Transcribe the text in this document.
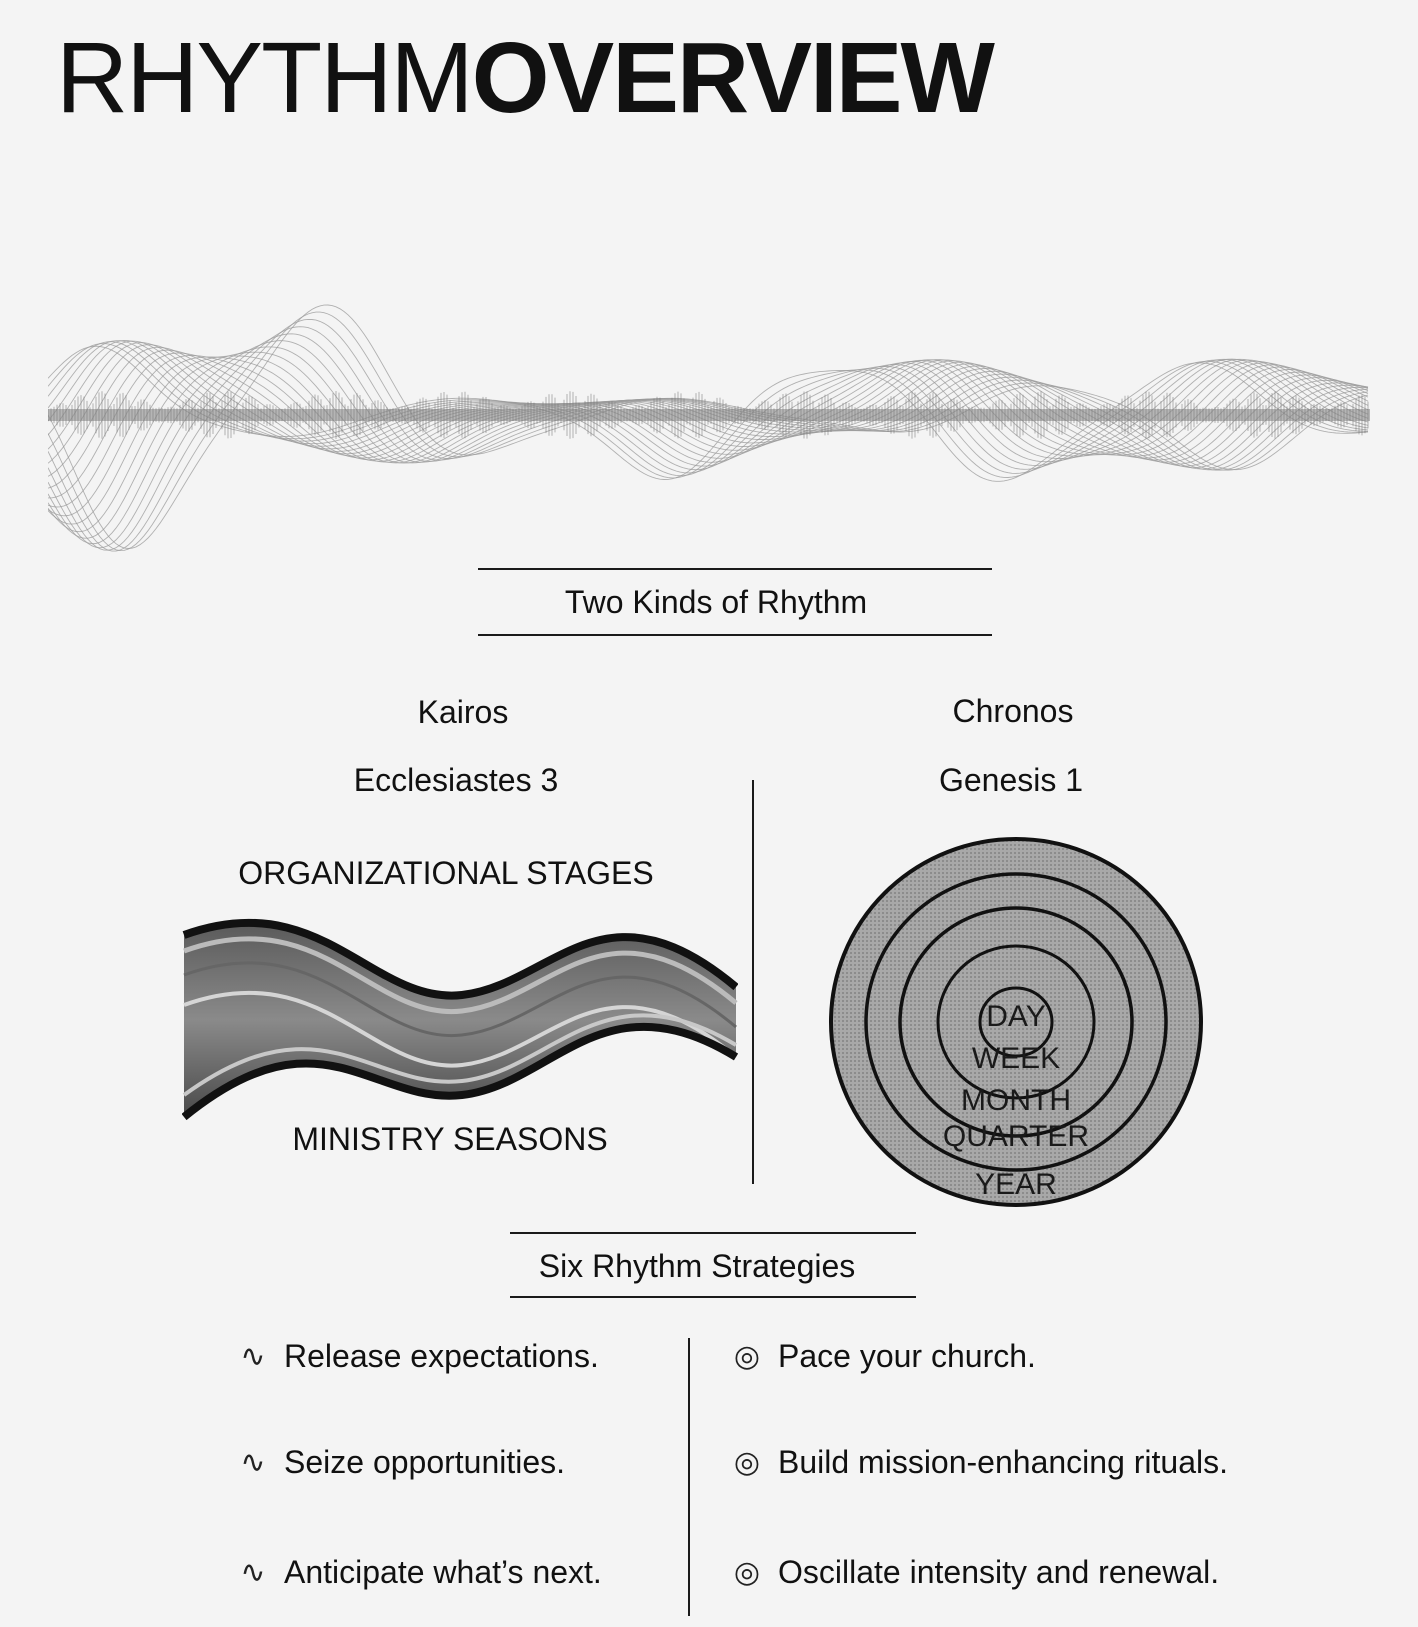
RHYTHMOVERVIEW
Two Kinds of Rhythm
Kairos
Ecclesiastes 3
ORGANIZATIONAL STAGES
MINISTRY SEASONS
Chronos
Genesis 1
DAY
WEEK
MONTH
QUARTER
YEAR
Six Rhythm Strategies
∿ Release expectations.
∿ Seize opportunities.
∿ Anticipate what’s next.
◎ Pace your church.
◎ Build mission-enhancing rituals.
◎ Oscillate intensity and renewal.
